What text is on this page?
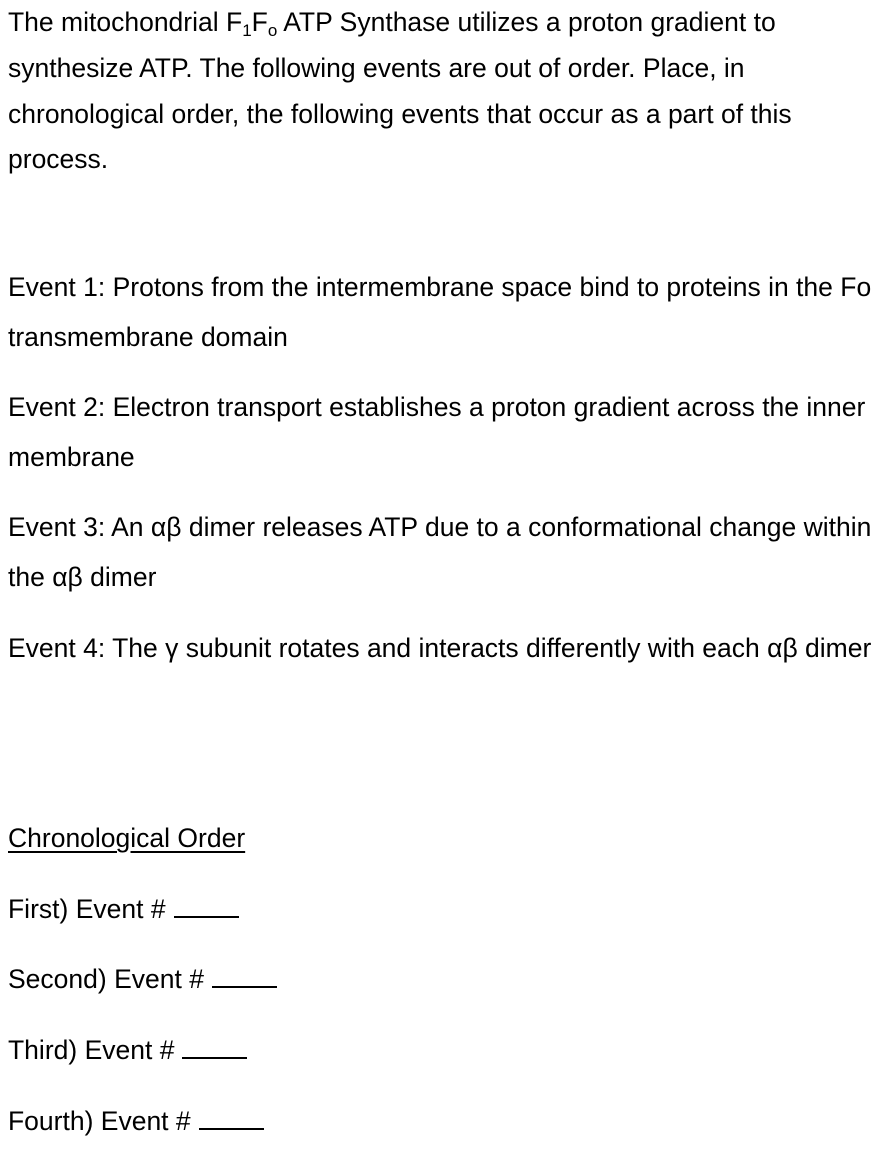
The mitochondrial $F_1F_o$ ATP Synthase utilizes a proton gradient to synthesize ATP. The following events are out of order. Place, in chronological order, the following events that occur as a part of this process.

Event 1: Protons from the intermembrane space bind to proteins in the Fo transmembrane domain

Event 2: Electron transport establishes a proton gradient across the inner membrane

Event 3: An αβ dimer releases ATP due to a conformational change within the αβ dimer

Event 4: The γ subunit rotates and interacts differently with each αβ dimer

Chronological Order

First) Event #

Second) Event #

Third) Event #

Fourth) Event #
